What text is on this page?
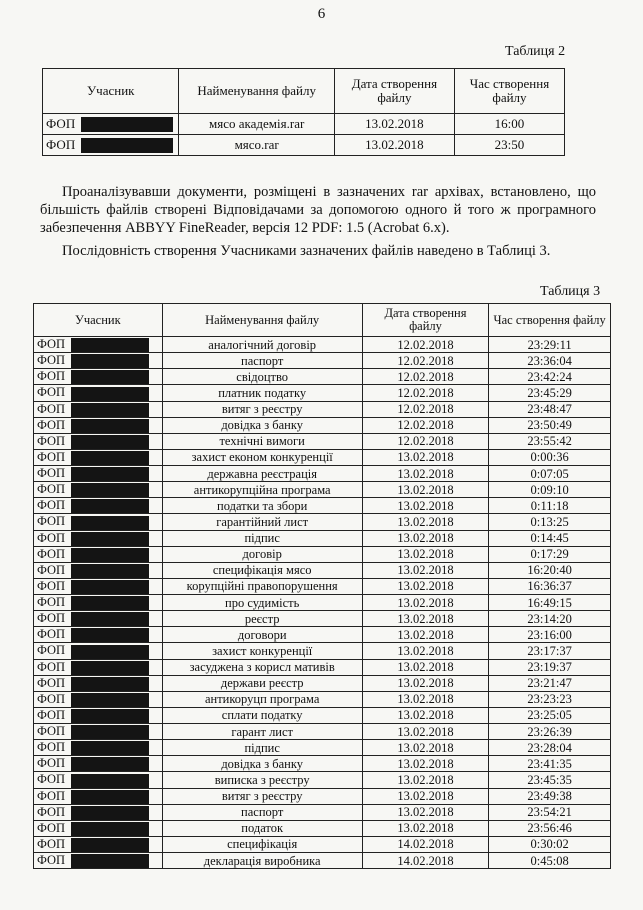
6
Таблиця 2
Учасник	Найменування файлу	Дата створення файлу	Час створення файлу
ФОП	мясо академія.rar	13.02.2018	16:00
ФОП	мясо.rar	13.02.2018	23:50
Проаналізувавши документи, розміщені в зазначених rar архівах, встановлено, що більшість файлів створені Відповідачами за допомогою одного й того ж програмного забезпечення ABBYY FineReader, версія 12 PDF: 1.5 (Acrobat 6.x).
Послідовність створення Учасниками зазначених файлів наведено в Таблиці 3.
Таблиця 3
Учасник	Найменування файлу	Дата створення файлу	Час створення файлу
ФОП	аналогічний договір	12.02.2018	23:29:11
ФОП	паспорт	12.02.2018	23:36:04
ФОП	свідоцтво	12.02.2018	23:42:24
ФОП	платник податку	12.02.2018	23:45:29
ФОП	витяг з реєстру	12.02.2018	23:48:47
ФОП	довідка з банку	12.02.2018	23:50:49
ФОП	технічні вимоги	12.02.2018	23:55:42
ФОП	захист економ конкуренції	13.02.2018	0:00:36
ФОП	державна реєстрація	13.02.2018	0:07:05
ФОП	антикорупційна програма	13.02.2018	0:09:10
ФОП	податки та збори	13.02.2018	0:11:18
ФОП	гарантійний лист	13.02.2018	0:13:25
ФОП	підпис	13.02.2018	0:14:45
ФОП	договір	13.02.2018	0:17:29
ФОП	специфікація мясо	13.02.2018	16:20:40
ФОП	корупційні правопорушення	13.02.2018	16:36:37
ФОП	про судимість	13.02.2018	16:49:15
ФОП	реєстр	13.02.2018	23:14:20
ФОП	договори	13.02.2018	23:16:00
ФОП	захист конкуренції	13.02.2018	23:17:37
ФОП	засуджена з корисл мативів	13.02.2018	23:19:37
ФОП	держави реєстр	13.02.2018	23:21:47
ФОП	антикоруцп програма	13.02.2018	23:23:23
ФОП	сплати податку	13.02.2018	23:25:05
ФОП	гарант лист	13.02.2018	23:26:39
ФОП	підпис	13.02.2018	23:28:04
ФОП	довідка з банку	13.02.2018	23:41:35
ФОП	виписка з реєстру	13.02.2018	23:45:35
ФОП	витяг з реєстру	13.02.2018	23:49:38
ФОП	паспорт	13.02.2018	23:54:21
ФОП	податок	13.02.2018	23:56:46
ФОП	специфікація	14.02.2018	0:30:02
ФОП	декларація виробника	14.02.2018	0:45:08
